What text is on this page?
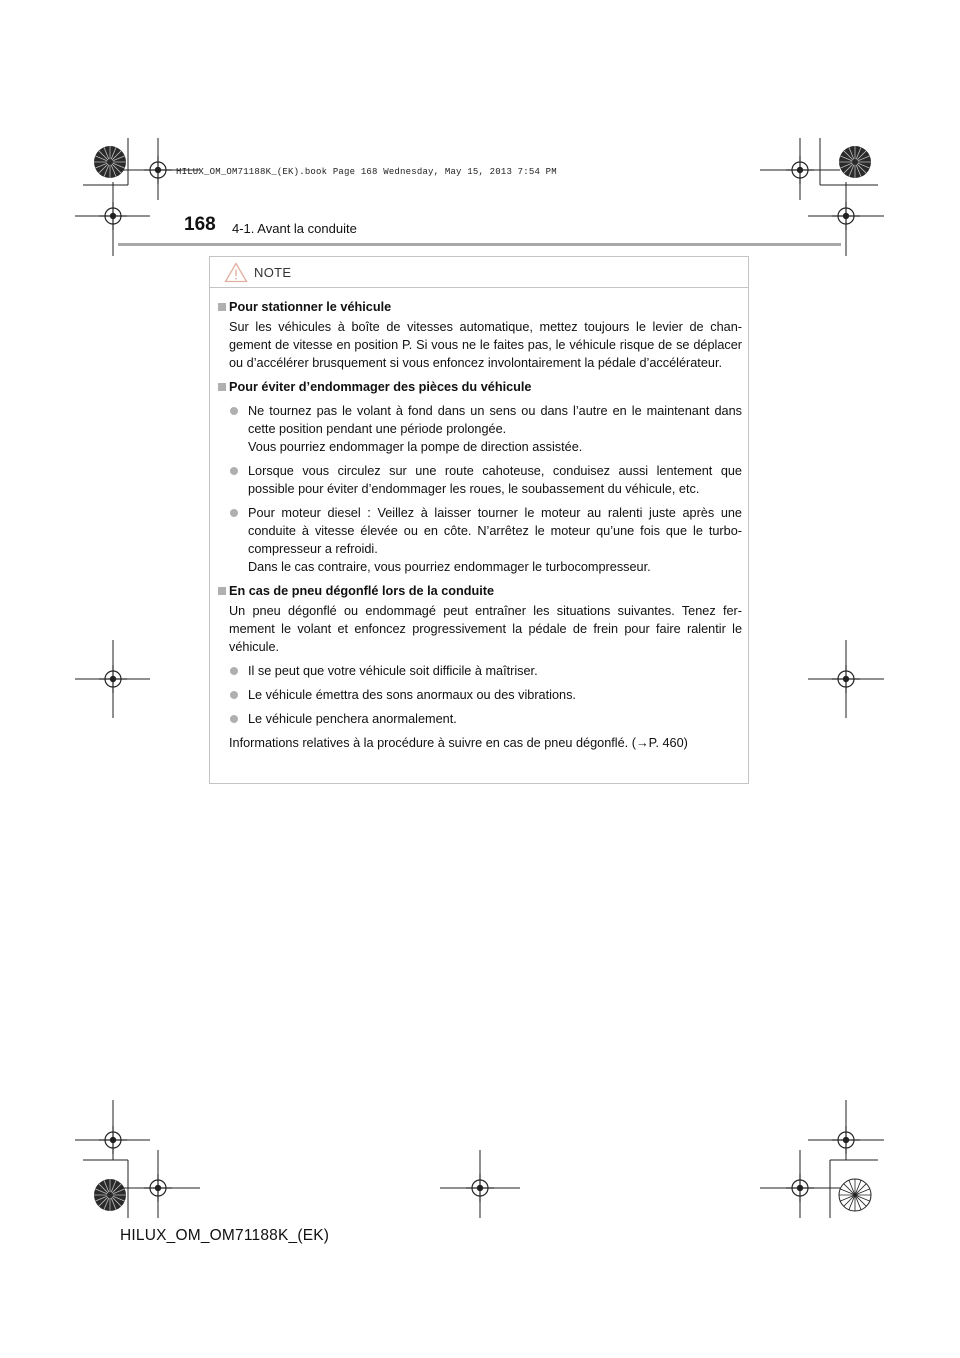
HILUX_OM_OM71188K_(EK).book Page 168 Wednesday, May 15, 2013 7:54 PM
168 4-1. Avant la conduite
NOTE
Pour stationner le véhicule
Sur les véhicules à boîte de vitesses automatique, mettez toujours le levier de chan-gement de vitesse en position P. Si vous ne le faites pas, le véhicule risque de se déplacer ou d’accélérer brusquement si vous enfoncez involontairement la pédale d’accélérateur.
Pour éviter d’endommager des pièces du véhicule
Ne tournez pas le volant à fond dans un sens ou dans l’autre en le maintenant dans cette position pendant une période prolongée.
Vous pourriez endommager la pompe de direction assistée.
Lorsque vous circulez sur une route cahoteuse, conduisez aussi lentement que possible pour éviter d’endommager les roues, le soubassement du véhicule, etc.
Pour moteur diesel : Veillez à laisser tourner le moteur au ralenti juste après une conduite à vitesse élevée ou en côte. N’arrêtez le moteur qu’une fois que le turbo-compresseur a refroidi.
Dans le cas contraire, vous pourriez endommager le turbocompresseur.
En cas de pneu dégonflé lors de la conduite
Un pneu dégonflé ou endommagé peut entraîner les situations suivantes. Tenez fer-mement le volant et enfoncez progressivement la pédale de frein pour faire ralentir le véhicule.
Il se peut que votre véhicule soit difficile à maîtriser.
Le véhicule émettra des sons anormaux ou des vibrations.
Le véhicule penchera anormalement.
Informations relatives à la procédure à suivre en cas de pneu dégonflé. (→P. 460)
HILUX_OM_OM71188K_(EK)
